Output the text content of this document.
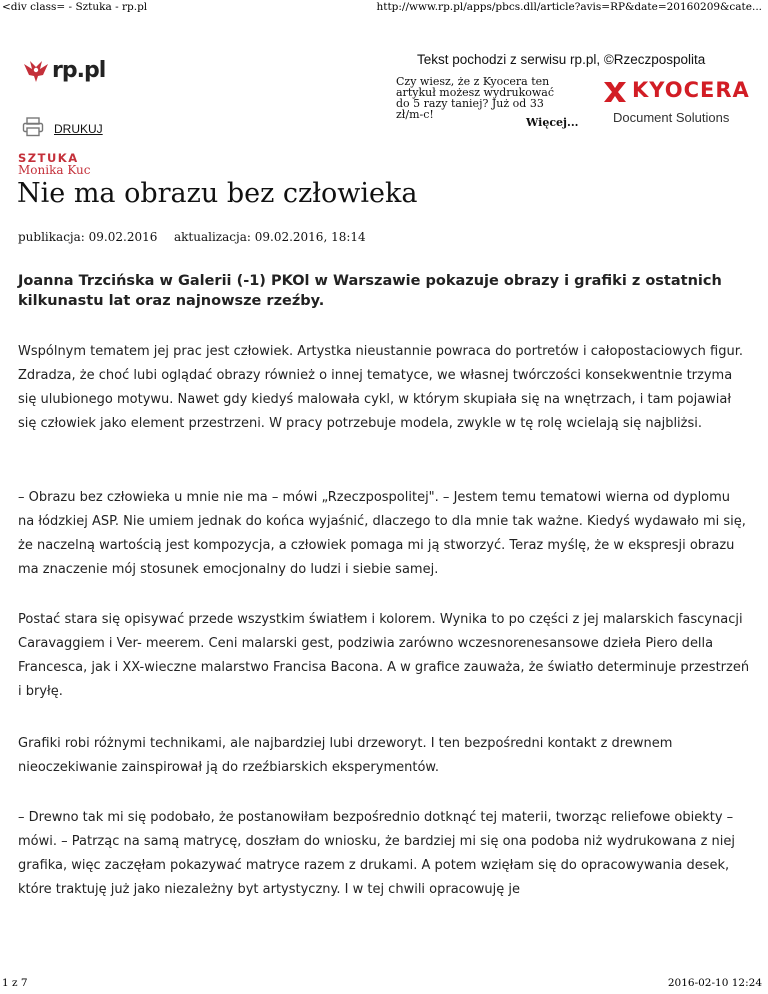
<div class= - Sztuka - rp.pl	http://www.rp.pl/apps/pbcs.dll/article?avis=RP&date=20160209&cate...
rp.pl	Tekst pochodzi z serwisu rp.pl, ©Rzeczpospolita
Czy wiesz, że z Kyocera ten artykuł możesz wydrukować do 5 razy taniej? Już od 33 zł/m-c!
Więcej...
KYOCERA
Document Solutions
DRUKUJ
SZTUKA
Monika Kuc
Nie ma obrazu bez człowieka
publikacja: 09.02.2016 aktualizacja: 09.02.2016, 18:14

Joanna Trzcińska w Galerii (-1) PKOl w Warszawie pokazuje obrazy i grafiki z ostatnich kilkunastu lat oraz najnowsze rzeźby.

Wspólnym tematem jej prac jest człowiek. Artystka nieustannie powraca do portretów i całopostaciowych figur. Zdradza, że choć lubi oglądać obrazy również o innej tematyce, we własnej twórczości konsekwentnie trzyma się ulubionego motywu. Nawet gdy kiedyś malowała cykl, w którym skupiała się na wnętrzach, i tam pojawiał się człowiek jako element przestrzeni. W pracy potrzebuje modela, zwykle w tę rolę wcielają się najbliżsi.

– Obrazu bez człowieka u mnie nie ma – mówi „Rzeczpospolitej". – Jestem temu tematowi wierna od dyplomu na łódzkiej ASP. Nie umiem jednak do końca wyjaśnić, dlaczego to dla mnie tak ważne. Kiedyś wydawało mi się, że naczelną wartością jest kompozycja, a człowiek pomaga mi ją stworzyć. Teraz myślę, że w ekspresji obrazu ma znaczenie mój stosunek emocjonalny do ludzi i siebie samej.

Postać stara się opisywać przede wszystkim światłem i kolorem. Wynika to po części z jej malarskich fascynacji Caravaggiem i Ver- meerem. Ceni malarski gest, podziwia zarówno wczesnorenesansowe dzieła Piero della Francesca, jak i XX-wieczne malarstwo Francisa Bacona. A w grafice zauważa, że światło determinuje przestrzeń i bryłę.

Grafiki robi różnymi technikami, ale najbardziej lubi drzeworyt. I ten bezpośredni kontakt z drewnem nieoczekiwanie zainspirował ją do rzeźbiarskich eksperymentów.

– Drewno tak mi się podobało, że postanowiłam bezpośrednio dotknąć tej materii, tworząc reliefowe obiekty – mówi. – Patrząc na samą matrycę, doszłam do wniosku, że bardziej mi się ona podoba niż wydrukowana z niej grafika, więc zaczęłam pokazywać matryce razem z drukami. A potem wzięłam się do opracowywania desek, które traktuję już jako niezależny byt artystyczny. I w tej chwili opracowuję je

1 z 7	2016-02-10 12:24
